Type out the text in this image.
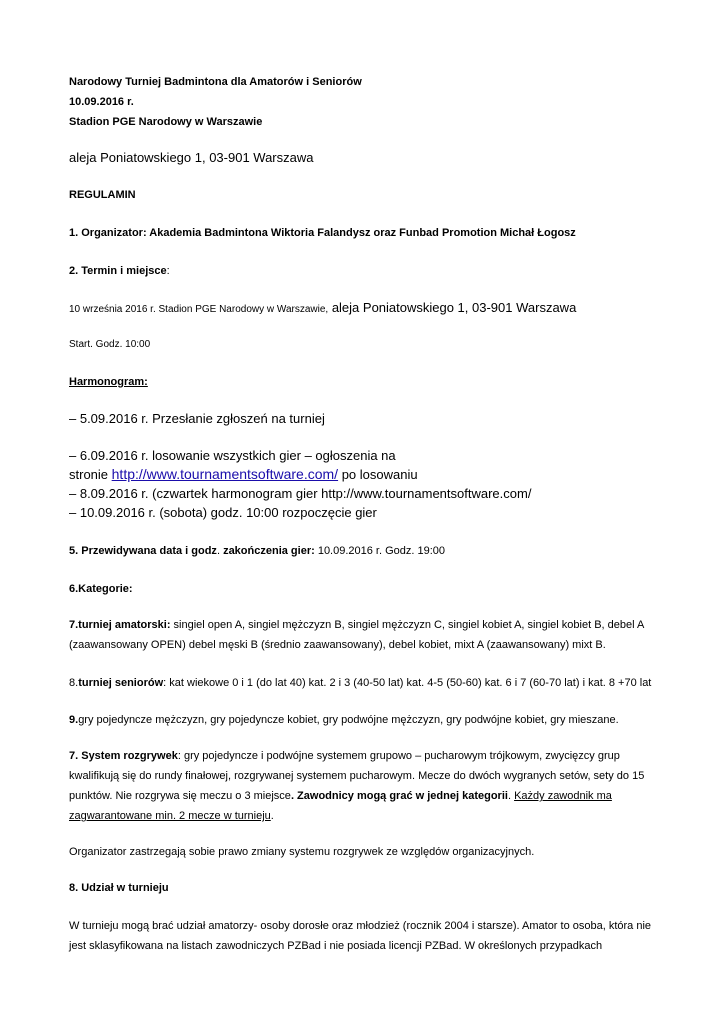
Narodowy Turniej Badmintona dla Amatorów i Seniorów
10.09.2016 r.
Stadion PGE Narodowy w Warszawie
aleja Poniatowskiego 1, 03-901 Warszawa
REGULAMIN
1. Organizator: Akademia Badmintona Wiktoria Falandysz oraz Funbad Promotion Michał Łogosz
2. Termin i miejsce:
10 września 2016 r. Stadion PGE Narodowy w Warszawie, aleja Poniatowskiego 1, 03-901 Warszawa
Start. Godz. 10:00
Harmonogram:
– 5.09.2016 r. Przesłanie zgłoszeń na turniej
– 6.09.2016 r. losowanie wszystkich gier – ogłoszenia na
stronie http://www.tournamentsoftware.com/ po losowaniu
– 8.09.2016 r. (czwartek harmonogram gier http://www.tournamentsoftware.com/
– 10.09.2016 r. (sobota) godz. 10:00 rozpoczęcie gier
5. Przewidywana data i godz. zakończenia gier: 10.09.2016 r. Godz. 19:00
6.Kategorie:
7.turniej amatorski: singiel open A, singiel mężczyzn B, singiel mężczyzn C, singiel kobiet A, singiel kobiet B, debel A (zaawansowany OPEN) debel męski B (średnio zaawansowany), debel kobiet, mixt A (zaawansowany) mixt B.
8.turniej seniorów: kat wiekowe 0 i 1 (do lat 40) kat. 2 i 3 (40-50 lat) kat. 4-5 (50-60) kat. 6 i 7 (60-70 lat) i kat. 8 +70 lat
9.gry pojedyncze mężczyzn, gry pojedyncze kobiet, gry podwójne mężczyzn, gry podwójne kobiet, gry mieszane.
7. System rozgrywek: gry pojedyncze i podwójne systemem grupowo – pucharowym trójkowym, zwycięzcy grup kwalifikują się do rundy finałowej, rozgrywanej systemem pucharowym. Mecze do dwóch wygranych setów, sety do 15 punktów. Nie rozgrywa się meczu o 3 miejsce. Zawodnicy mogą grać w jednej kategorii. Każdy zawodnik ma zagwarantowane min. 2 mecze w turnieju.
Organizator zastrzegają sobie prawo zmiany systemu rozgrywek ze względów organizacyjnych.
8. Udział w turnieju
W turnieju mogą brać udział amatorzy- osoby dorosłe oraz młodzież (rocznik 2004 i starsze). Amator to osoba, która nie jest sklasyfikowana na listach zawodniczych PZBad i nie posiada licencji PZBad. W określonych przypadkach
